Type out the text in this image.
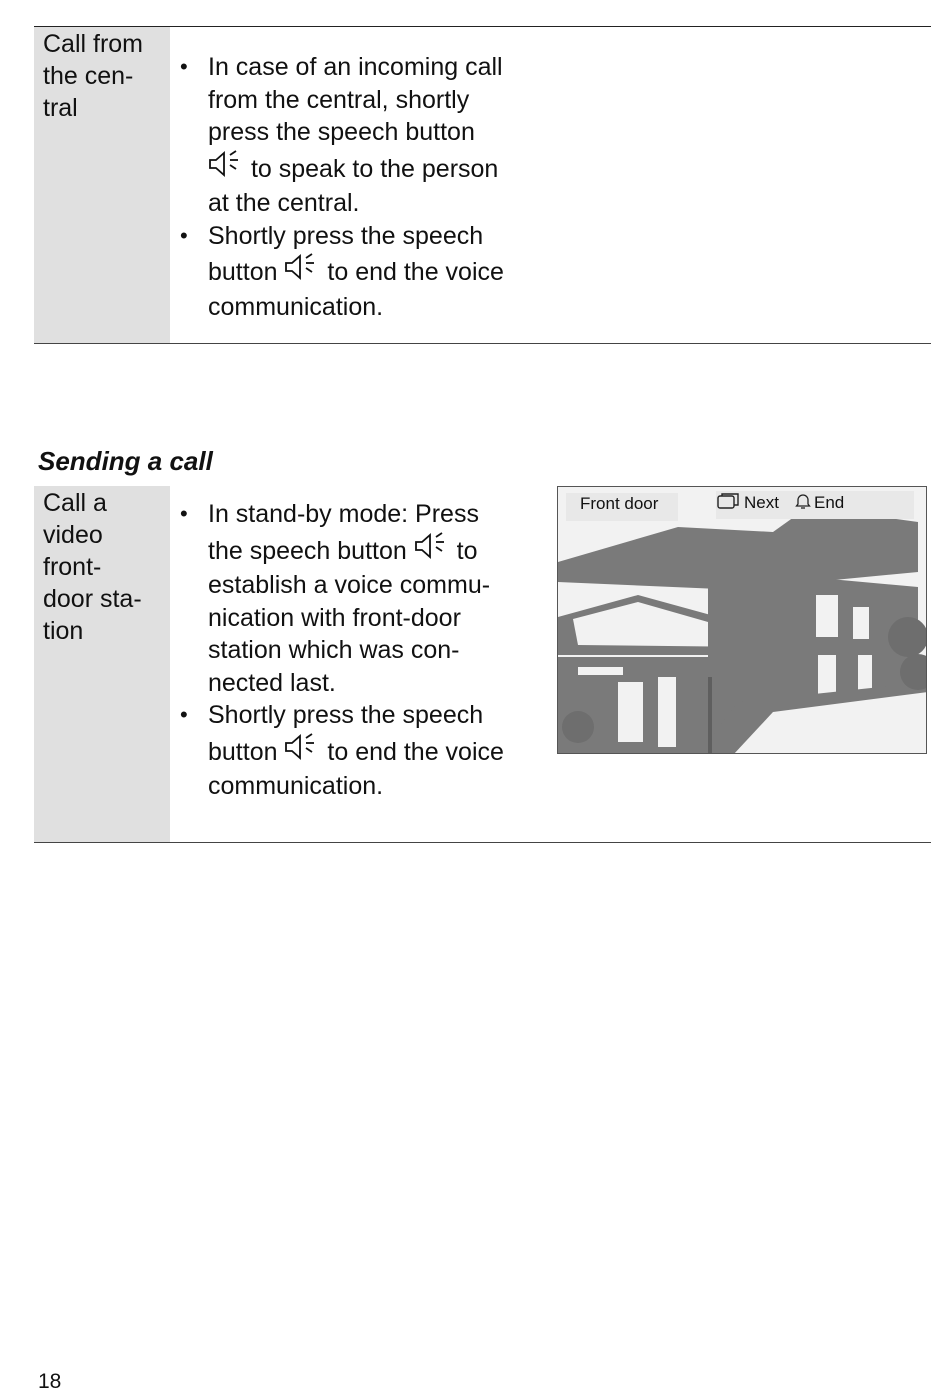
Call from
the cen-
tral

• In case of an incoming call
from the central, shortly
press the speech button
to speak to the person
at the central.
• Shortly press the speech
button  to end the voice
communication.
Sending a call

Call a
video
front-
door sta-
tion

• In stand-by mode: Press
the speech button  to
establish a voice commu-
nication with front-door
station which was con-
nected last.
• Shortly press the speech
button  to end the voice
communication.
Front door	Next End

18
